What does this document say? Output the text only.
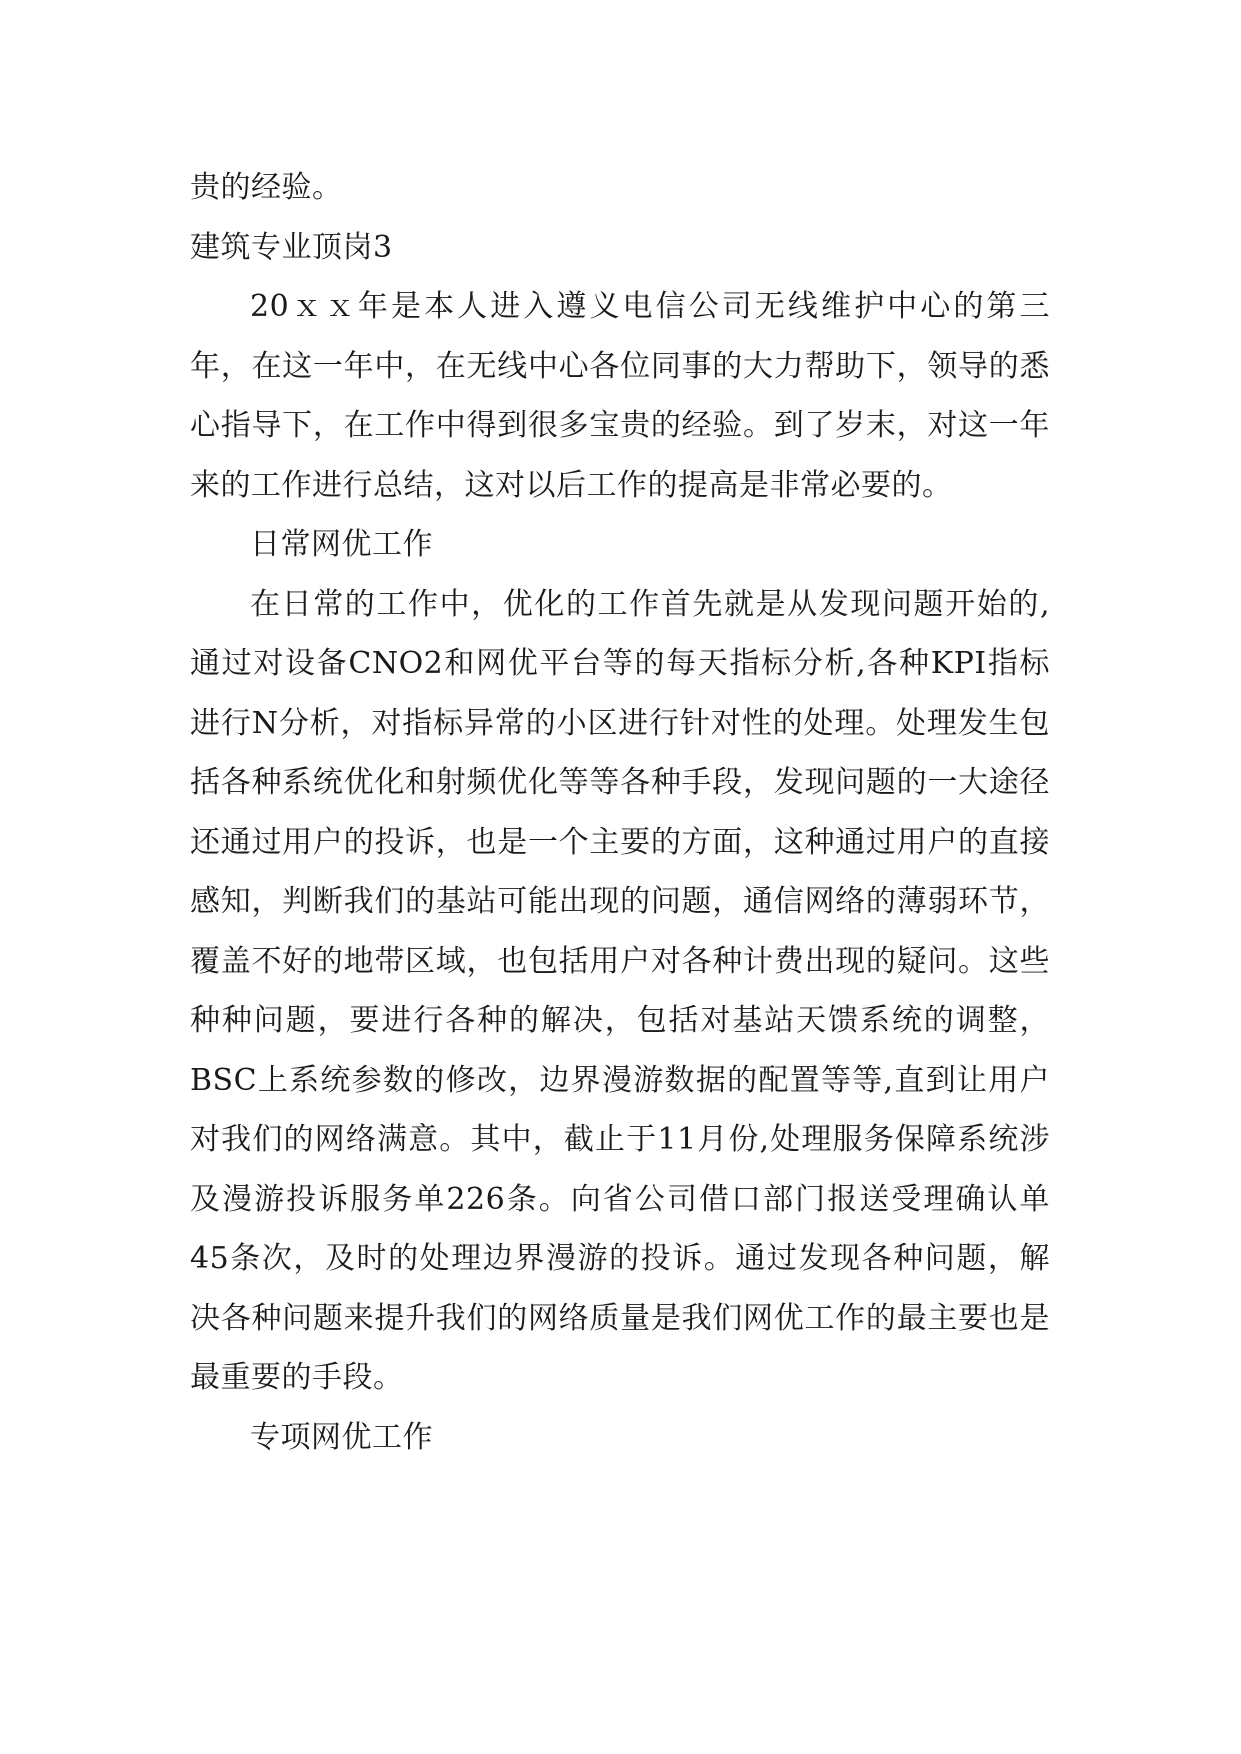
贵的经验。

建筑专业顶岗3

20ｘｘ年是本人进入遵义电信公司无线维护中心的第三年，在这一年中，在无线中心各位同事的大力帮助下，领导的悉心指导下，在工作中得到很多宝贵的经验。到了岁末，对这一年来的工作进行总结，这对以后工作的提高是非常必要的。

日常网优工作

在日常的工作中，优化的工作首先就是从发现问题开始的,通过对设备CNO2和网优平台等的每天指标分析,各种KPI指标进行N分析，对指标异常的小区进行针对性的处理。处理发生包括各种系统优化和射频优化等等各种手段，发现问题的一大途径还通过用户的投诉，也是一个主要的方面，这种通过用户的直接感知，判断我们的基站可能出现的问题，通信网络的薄弱环节，覆盖不好的地带区域，也包括用户对各种计费出现的疑问。这些种种问题，要进行各种的解决，包括对基站天馈系统的调整，BSC上系统参数的修改，边界漫游数据的配置等等,直到让用户对我们的网络满意。其中，截止于11月份,处理服务保障系统涉及漫游投诉服务单226条。向省公司借口部门报送受理确认单45条次，及时的处理边界漫游的投诉。通过发现各种问题，解决各种问题来提升我们的网络质量是我们网优工作的最主要也是最重要的手段。

专项网优工作
